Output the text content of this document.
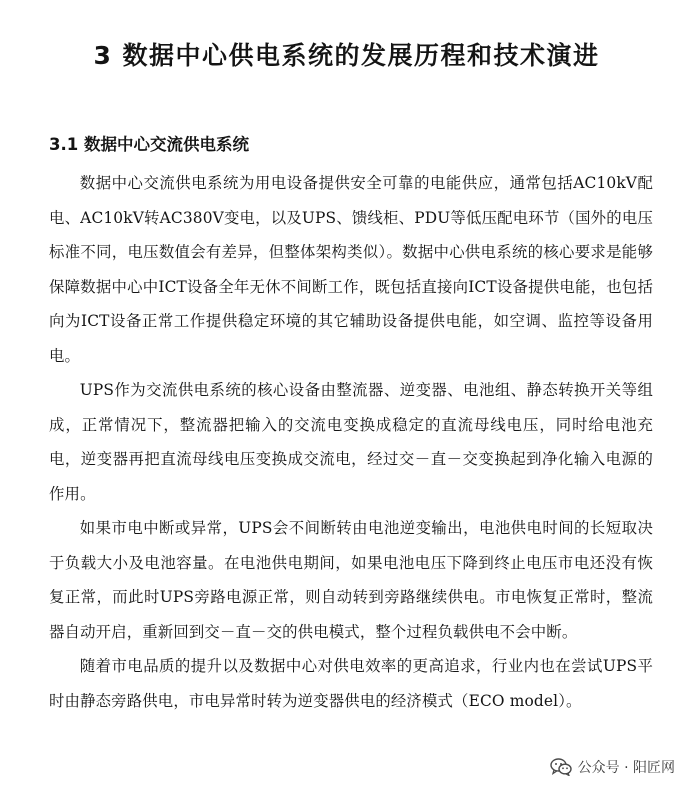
3 数据中心供电系统的发展历程和技术演进
3.1 数据中心交流供电系统

数据中心交流供电系统为用电设备提供安全可靠的电能供应，通常包括AC10kV配电、AC10kV转AC380V变电，以及UPS、馈线柜、PDU等低压配电环节（国外的电压标准不同，电压数值会有差异，但整体架构类似）。数据中心供电系统的核心要求是能够保障数据中心中ICT设备全年无休不间断工作，既包括直接向ICT设备提供电能，也包括向为ICT设备正常工作提供稳定环境的其它辅助设备提供电能，如空调、监控等设备用电。

UPS作为交流供电系统的核心设备由整流器、逆变器、电池组、静态转换开关等组成，正常情况下，整流器把输入的交流电变换成稳定的直流母线电压，同时给电池充电，逆变器再把直流母线电压变换成交流电，经过交－直－交变换起到净化输入电源的作用。

如果市电中断或异常，UPS会不间断转由电池逆变输出，电池供电时间的长短取决于负载大小及电池容量。在电池供电期间，如果电池电压下降到终止电压市电还没有恢复正常，而此时UPS旁路电源正常，则自动转到旁路继续供电。市电恢复正常时，整流器自动开启，重新回到交－直－交的供电模式，整个过程负载供电不会中断。

随着市电品质的提升以及数据中心对供电效率的更高追求，行业内也在尝试UPS平时由静态旁路供电，市电异常时转为逆变器供电的经济模式（ECO model）。

公众号 · 阳匠网
